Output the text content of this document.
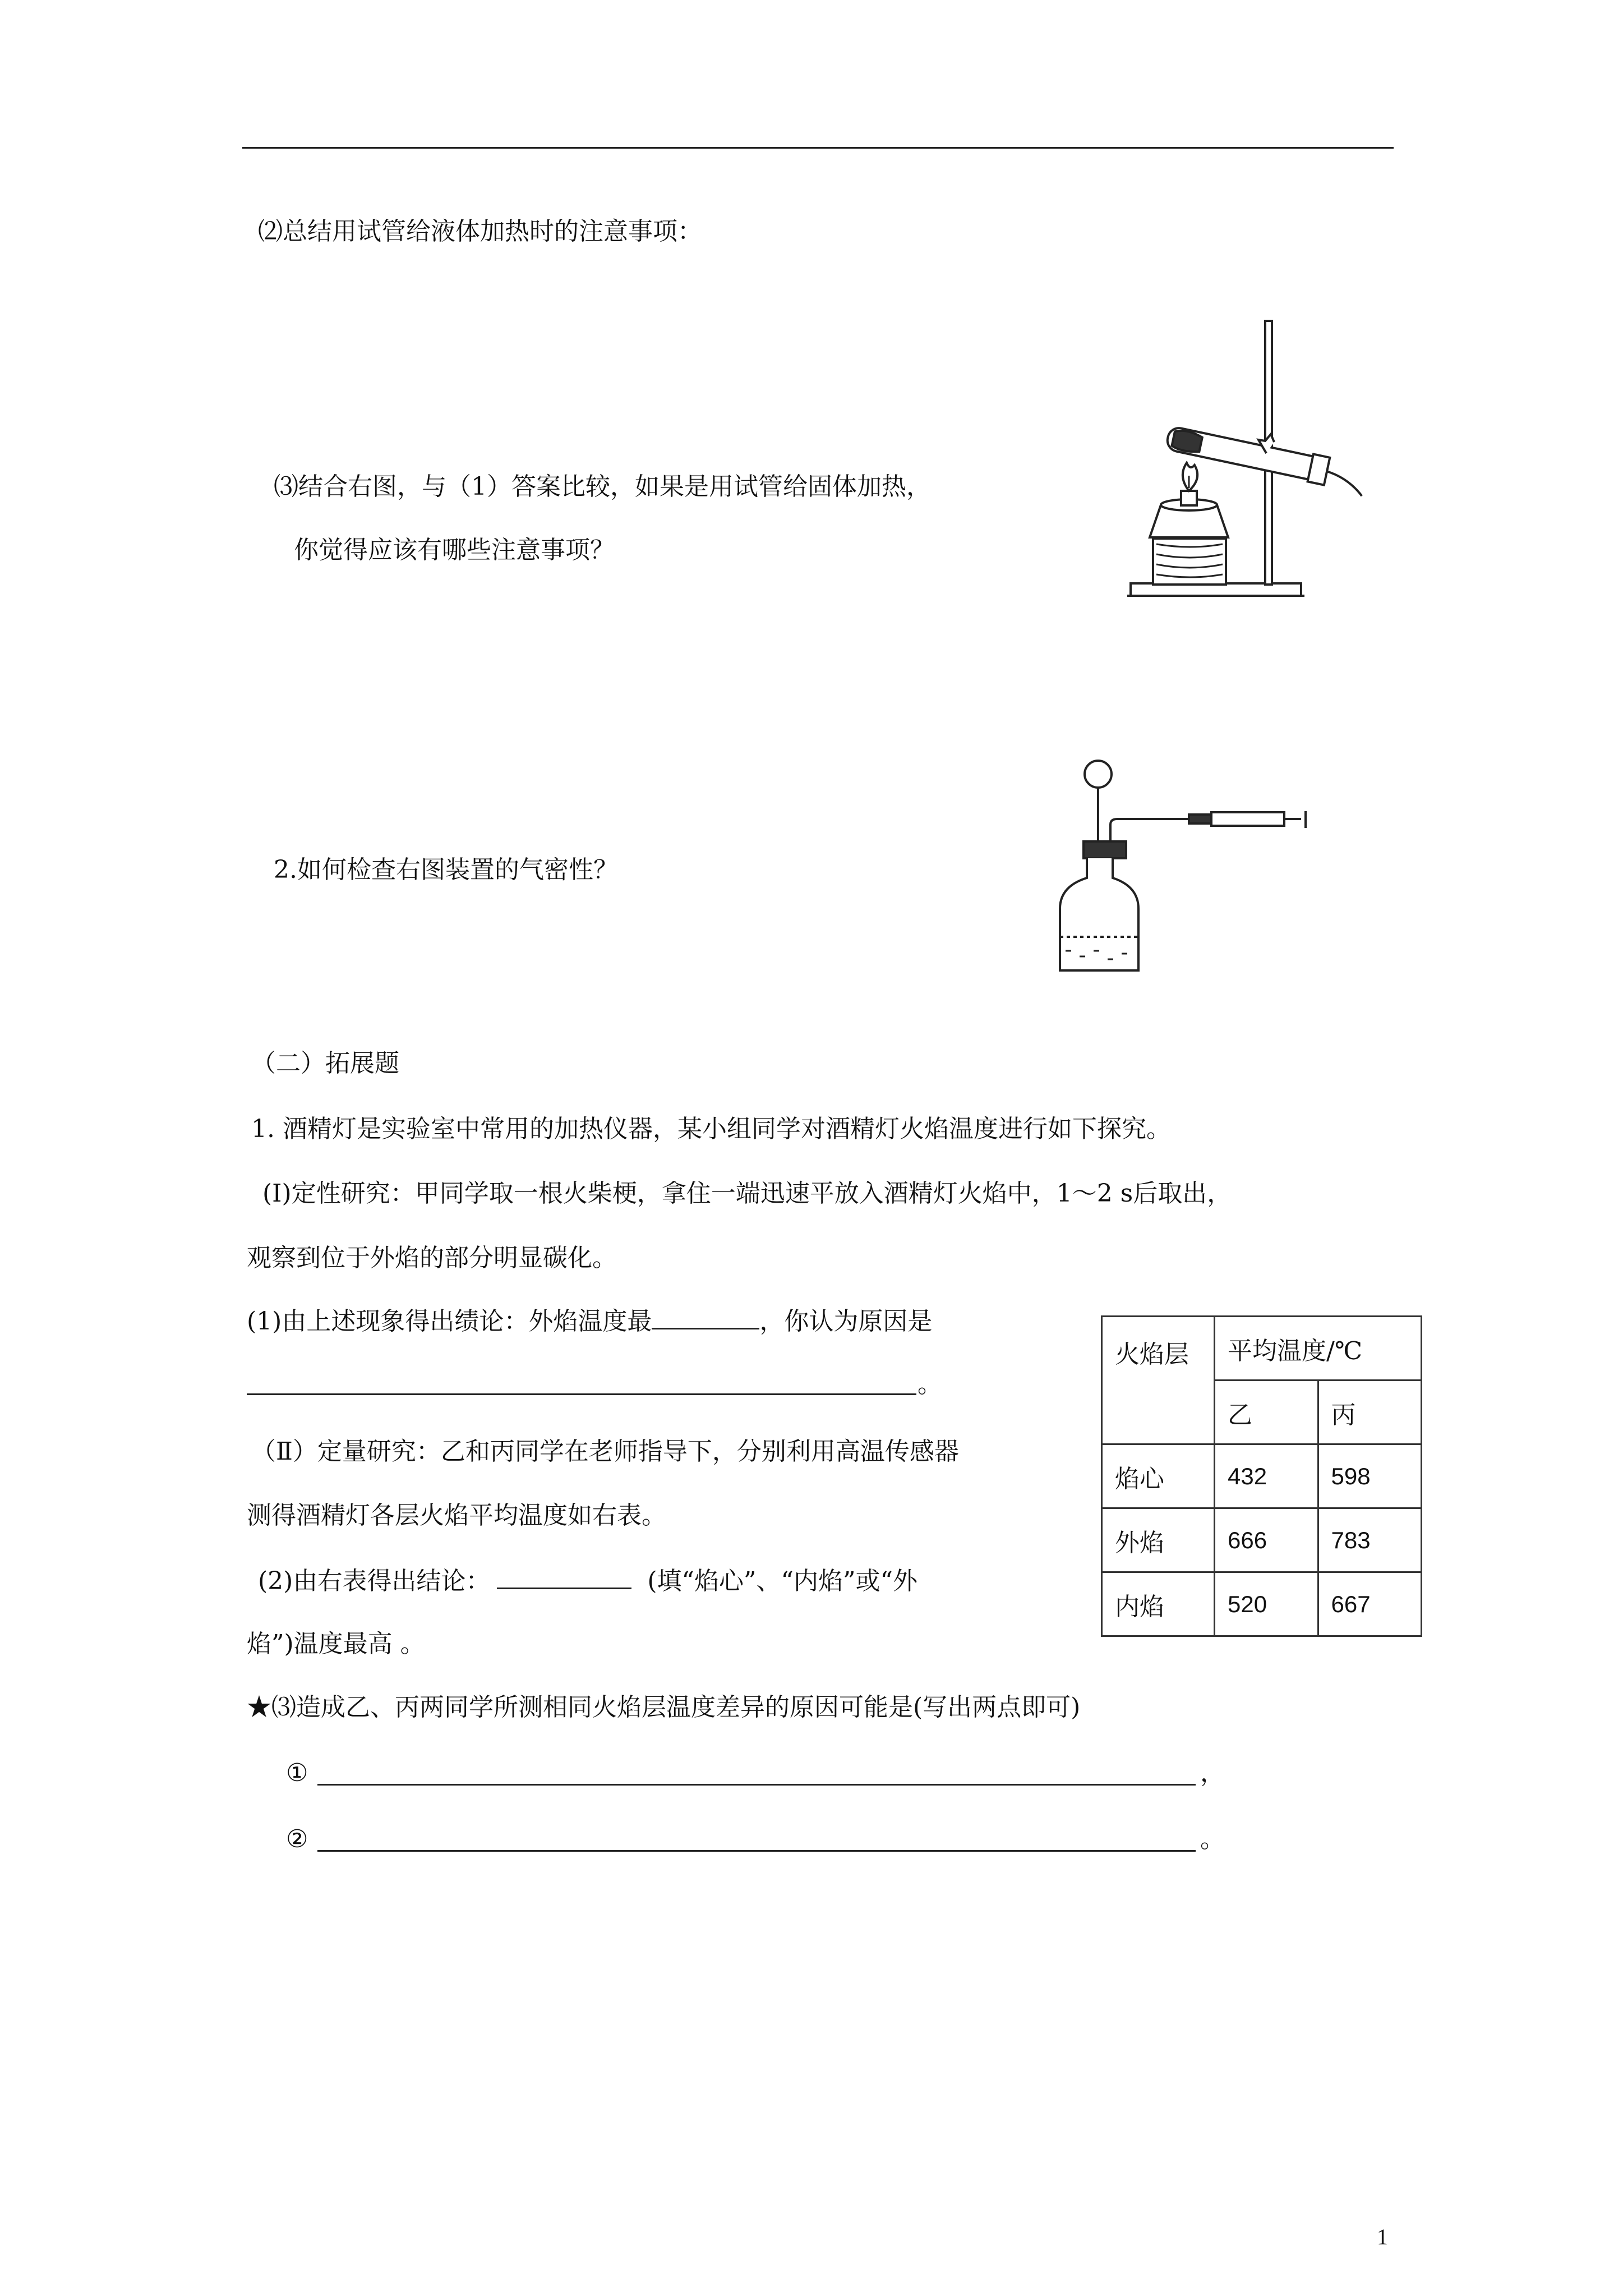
⑵总结用试管给液体加热时的注意事项：
⑶结合右图，与（1）答案比较，如果是用试管给固体加热，
你觉得应该有哪些注意事项？
2.如何检查右图装置的气密性？
（二）拓展题
1. 酒精灯是实验室中常用的加热仪器，某小组同学对酒精灯火焰温度进行如下探究。
(Ⅰ)定性研究：甲同学取一根火柴梗，拿住一端迅速平放入酒精灯火焰中，1～2 s后取出，
观察到位于外焰的部分明显碳化。
(1)由上述现象得出绩论：外焰温度最	，你认为原因是
。
（Ⅱ）定量研究：乙和丙同学在老师指导下，分别利用高温传感器
测得酒精灯各层火焰平均温度如右表。
(2)由右表得出结论：	(填“焰心”、“内焰”或“外
焰”)温度最高 。
★⑶造成乙、丙两同学所测相同火焰层温度差异的原因可能是(写出两点即可)
①	，
②	。
火焰层	平均温度/℃	
	乙	丙
焰心	432	598
外焰	666	783
内焰	520	667
1
